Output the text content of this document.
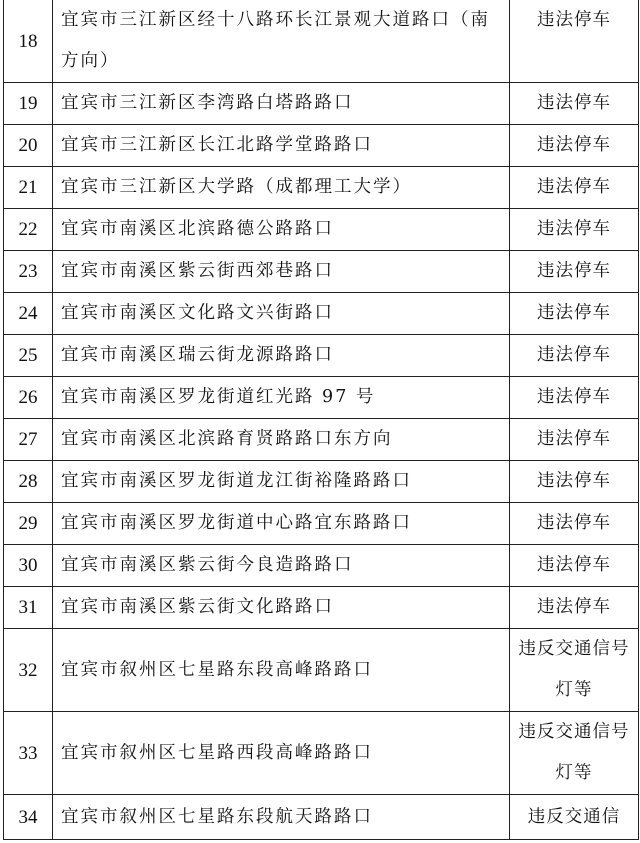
18	宜宾市三江新区经十八路环长江景观大道路口（南方向）	违法停车
19	宜宾市三江新区李湾路白塔路路口	违法停车
20	宜宾市三江新区长江北路学堂路路口	违法停车
21	宜宾市三江新区大学路（成都理工大学）	违法停车
22	宜宾市南溪区北滨路德公路路口	违法停车
23	宜宾市南溪区紫云街西郊巷路口	违法停车
24	宜宾市南溪区文化路文兴街路口	违法停车
25	宜宾市南溪区瑞云街龙源路路口	违法停车
26	宜宾市南溪区罗龙街道红光路 97 号	违法停车
27	宜宾市南溪区北滨路育贤路路口东方向	违法停车
28	宜宾市南溪区罗龙街道龙江街裕隆路路口	违法停车
29	宜宾市南溪区罗龙街道中心路宜东路路口	违法停车
30	宜宾市南溪区紫云街今良造路路口	违法停车
31	宜宾市南溪区紫云街文化路路口	违法停车
32	宜宾市叙州区七星路东段高峰路路口	违反交通信号灯等
33	宜宾市叙州区七星路西段高峰路路口	违反交通信号灯等
34	宜宾市叙州区七星路东段航天路路口	违反交通信
